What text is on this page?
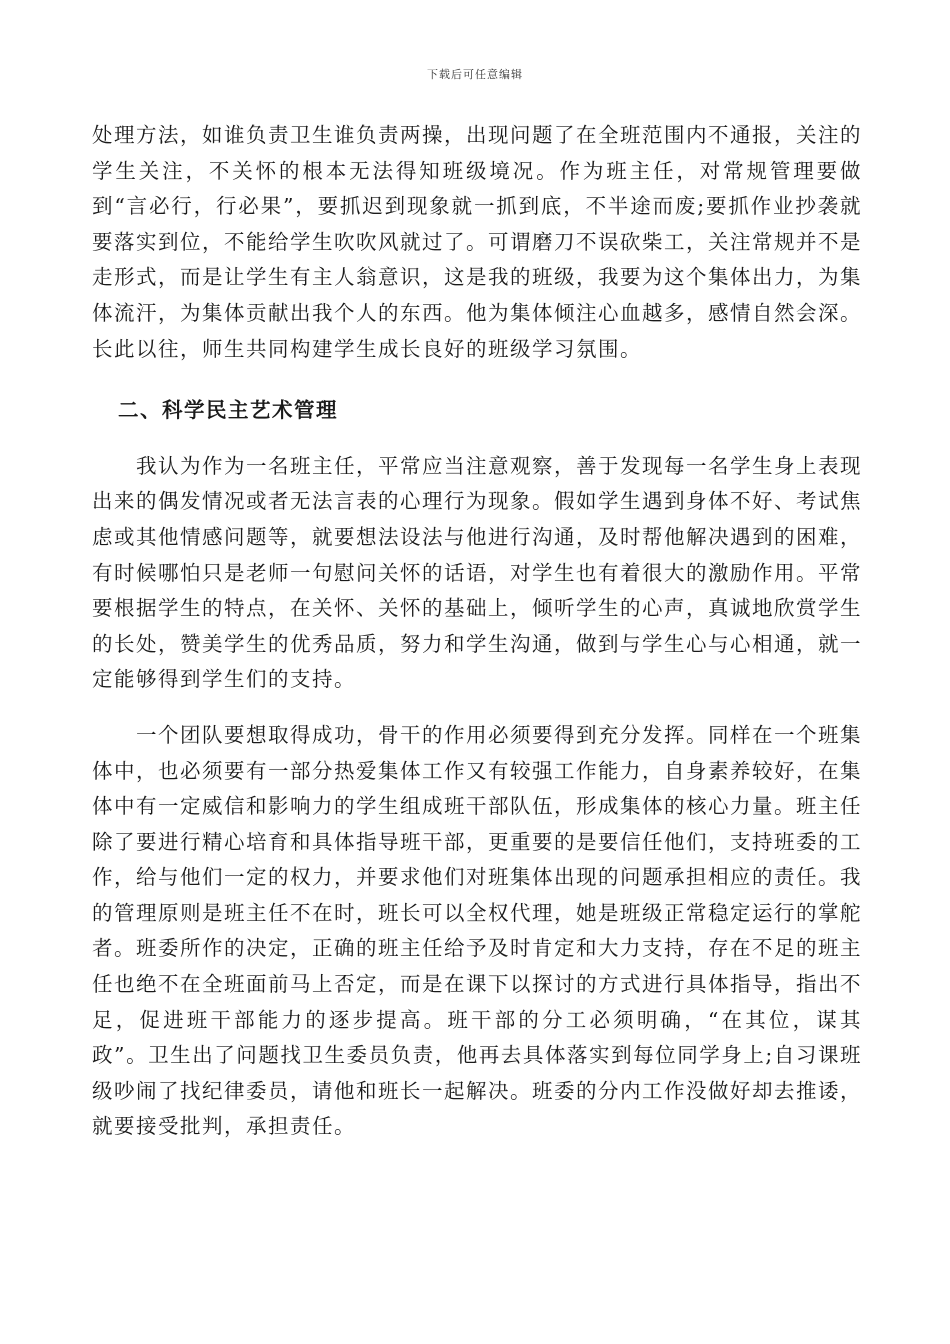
下载后可任意编辑

处理方法，如谁负责卫生谁负责两操，出现问题了在全班范围内不通报，关注的学生关注，不关怀的根本无法得知班级境况。作为班主任，对常规管理要做到“言必行，行必果”，要抓迟到现象就一抓到底，不半途而废;要抓作业抄袭就要落实到位，不能给学生吹吹风就过了。可谓磨刀不误砍柴工，关注常规并不是走形式，而是让学生有主人翁意识，这是我的班级，我要为这个集体出力，为集体流汗，为集体贡献出我个人的东西。他为集体倾注心血越多，感情自然会深。长此以往，师生共同构建学生成长良好的班级学习氛围。

二、科学民主艺术管理

我认为作为一名班主任，平常应当注意观察，善于发现每一名学生身上表现出来的偶发情况或者无法言表的心理行为现象。假如学生遇到身体不好、考试焦虑或其他情感问题等，就要想法设法与他进行沟通，及时帮他解决遇到的困难，有时候哪怕只是老师一句慰问关怀的话语，对学生也有着很大的激励作用。平常要根据学生的特点，在关怀、关怀的基础上，倾听学生的心声，真诚地欣赏学生的长处，赞美学生的优秀品质，努力和学生沟通，做到与学生心与心相通，就一定能够得到学生们的支持。

一个团队要想取得成功，骨干的作用必须要得到充分发挥。同样在一个班集体中，也必须要有一部分热爱集体工作又有较强工作能力，自身素养较好，在集体中有一定威信和影响力的学生组成班干部队伍，形成集体的核心力量。班主任除了要进行精心培育和具体指导班干部，更重要的是要信任他们，支持班委的工作，给与他们一定的权力，并要求他们对班集体出现的问题承担相应的责任。我的管理原则是班主任不在时，班长可以全权代理，她是班级正常稳定运行的掌舵者。班委所作的决定，正确的班主任给予及时肯定和大力支持，存在不足的班主任也绝不在全班面前马上否定，而是在课下以探讨的方式进行具体指导，指出不足，促进班干部能力的逐步提高。班干部的分工必须明确，“在其位，谋其政”。卫生出了问题找卫生委员负责，他再去具体落实到每位同学身上;自习课班级吵闹了找纪律委员，请他和班长一起解决。班委的分内工作没做好却去推诿，就要接受批判，承担责任。
